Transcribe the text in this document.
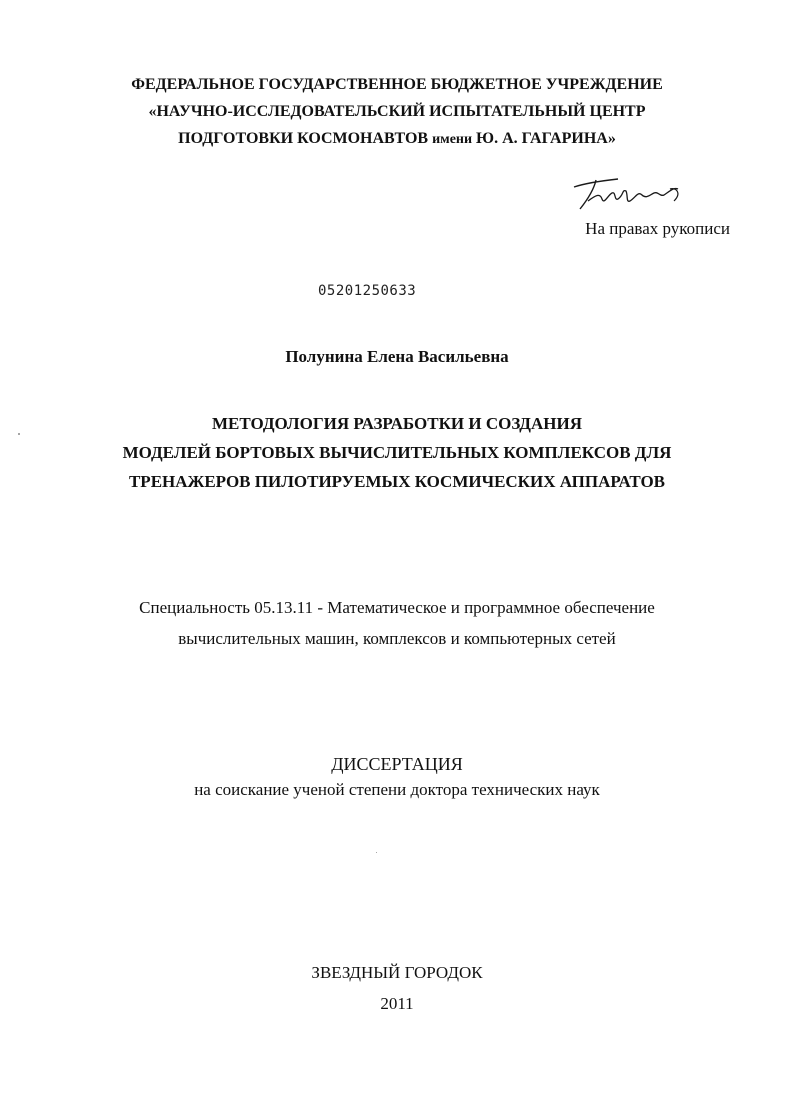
ФЕДЕРАЛЬНОЕ ГОСУДАРСТВЕННОЕ БЮДЖЕТНОЕ УЧРЕЖДЕНИЕ
«НАУЧНО-ИССЛЕДОВАТЕЛЬСКИЙ ИСПЫТАТЕЛЬНЫЙ ЦЕНТР
ПОДГОТОВКИ КОСМОНАВТОВ имени Ю. А. ГАГАРИНА»
На правах рукописи
05201250633
Полунина Елена Васильевна
МЕТОДОЛОГИЯ РАЗРАБОТКИ И СОЗДАНИЯ
МОДЕЛЕЙ БОРТОВЫХ ВЫЧИСЛИТЕЛЬНЫХ КОМПЛЕКСОВ ДЛЯ
ТРЕНАЖЕРОВ ПИЛОТИРУЕМЫХ КОСМИЧЕСКИХ АППАРАТОВ
Специальность 05.13.11 - Математическое и программное обеспечение
вычислительных машин, комплексов и компьютерных сетей
ДИССЕРТАЦИЯ
на соискание ученой степени доктора технических наук
ЗВЕЗДНЫЙ ГОРОДОК
2011
